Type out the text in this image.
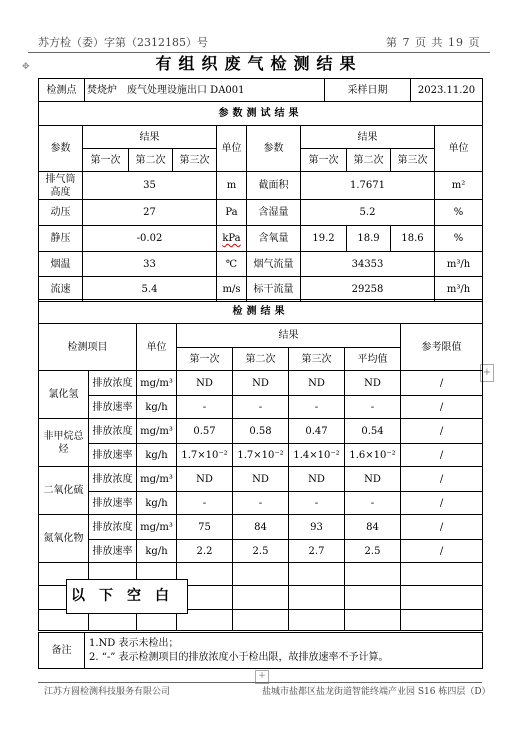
苏方检（委）字第（2312185）号	第 7 页 共 19 页
✥
+
有组织废气检测结果
检测点	焚烧炉　废气处理设施出口 DA001	采样日期	2023.11.20
参数测试结果									
参数	结果			单位	参数	结果			单位
	第一次	第二次	第三次			第一次	第二次	第三次	
排气筒高度	35			m	截面积	1.7671			m²
动压	27			Pa	含湿量	5.2			%
静压	-0.02			kPa	含氧量	19.2	18.9	18.6	%
烟温	33			℃	烟气流量	34353			m³/h
流速	5.4			m/s	标干流量	29258			m³/h
检测结果							
检测项目		单位	结果				参考限值
			第一次	第二次	第三次	平均值	
氯化氢	排放浓度	mg/m³	ND	ND	ND	ND	/
	排放速率	kg/h	-	-	-	-	/
非甲烷总烃	排放浓度	mg/m³	0.57	0.58	0.47	0.54	/
	排放速率	kg/h	1.7×10⁻²	1.7×10⁻²	1.4×10⁻²	1.6×10⁻²	/
二氧化硫	排放浓度	mg/m³	ND	ND	ND	ND	/
	排放速率	kg/h	-	-	-	-	/
氮氧化物	排放浓度	mg/m³	75	84	93	84	/
	排放速率	kg/h	2.2	2.5	2.7	2.5	/

以下空白
备注	
1.ND 表示未检出；
2. “-” 表示检测项目的排放浓度小于检出限，故排放速率不予计算。
+
江苏方圆检测科技服务有限公司	盐城市盐都区盐龙街道智能终端产业园 S16 栋四层（D）
